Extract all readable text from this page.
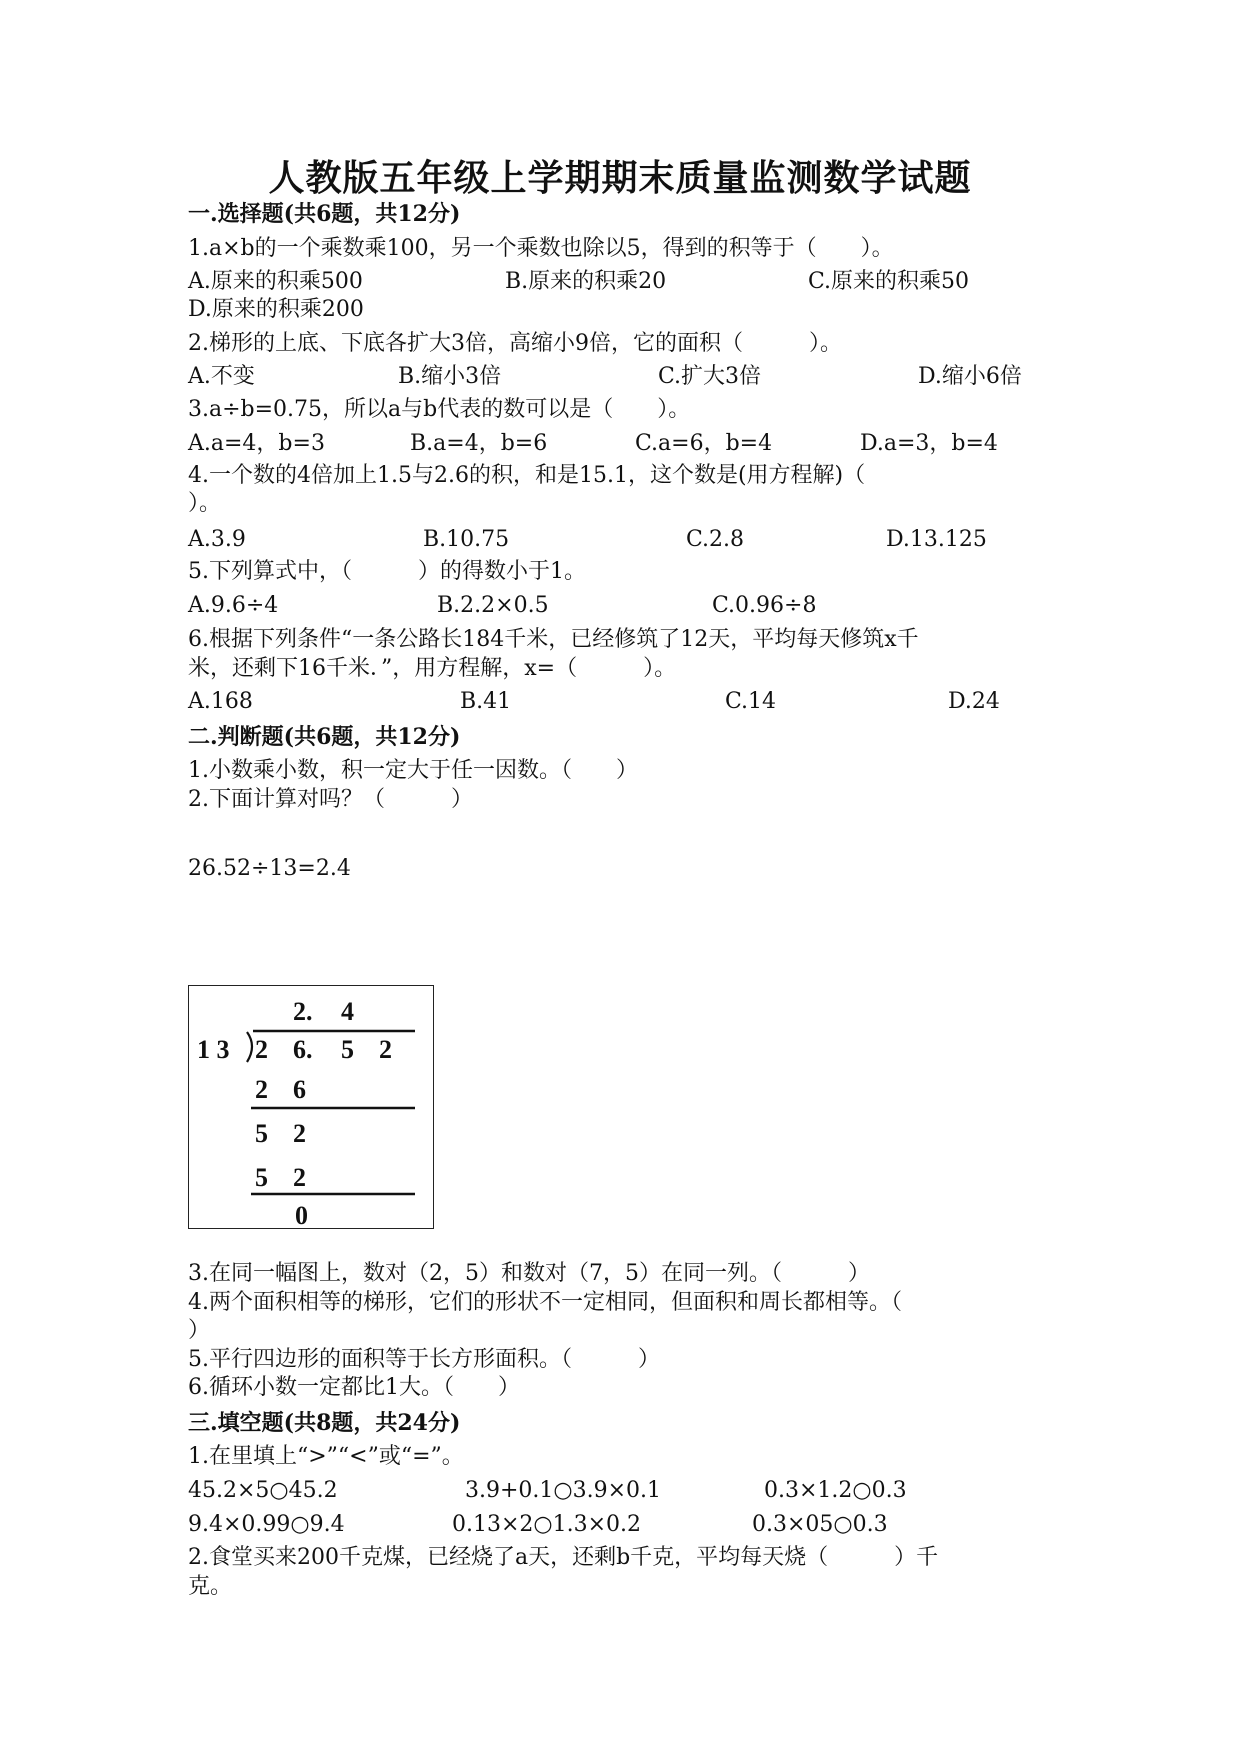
人教版五年级上学期期末质量监测数学试题
一.选择题(共6题，共12分)
1.a×b的一个乘数乘100，另一个乘数也除以5，得到的积等于（　　）。
A.原来的积乘500	B.原来的积乘20	C.原来的积乘50
D.原来的积乘200
2.梯形的上底、下底各扩大3倍，高缩小9倍，它的面积（　　　）。
A.不变	B.缩小3倍	C.扩大3倍	D.缩小6倍
3.a÷b=0.75，所以a与b代表的数可以是（　　）。
A.a=4，b=3	B.a=4，b=6	C.a=6，b=4	D.a=3，b=4
4.一个数的4倍加上1.5与2.6的积，和是15.1，这个数是(用方程解)（
）。
A.3.9	B.10.75	C.2.8	D.13.125
5.下列算式中，（　　　）的得数小于1。
A.9.6÷4	B.2.2×0.5	C.0.96÷8
6.根据下列条件“一条公路长184千米，已经修筑了12天，平均每天修筑x千
米，还剩下16千米．”，用方程解，x=（　　　）。
A.168	B.41	C.14	D.24
二.判断题(共6题，共12分)
1.小数乘小数，积一定大于任一因数。（　　）
2.下面计算对吗？（　　　）
26.52÷13=2.4
2. 4
1 3 2 6. 5 2
2 6
5 2
5 2
0
3.在同一幅图上，数对（2，5）和数对（7，5）在同一列。（　　　）
4.两个面积相等的梯形，它们的形状不一定相同，但面积和周长都相等。（
）
5.平行四边形的面积等于长方形面积。（　　　）
6.循环小数一定都比1大。（　　）
三.填空题(共8题，共24分)
1.在里填上“>”“<”或“=”。
45.2×5○45.2	3.9+0.1○3.9×0.1	0.3×1.2○0.3
9.4×0.99○9.4	0.13×2○1.3×0.2	0.3×05○0.3
2.食堂买来200千克煤，已经烧了a天，还剩b千克，平均每天烧（　　　）千
克。
